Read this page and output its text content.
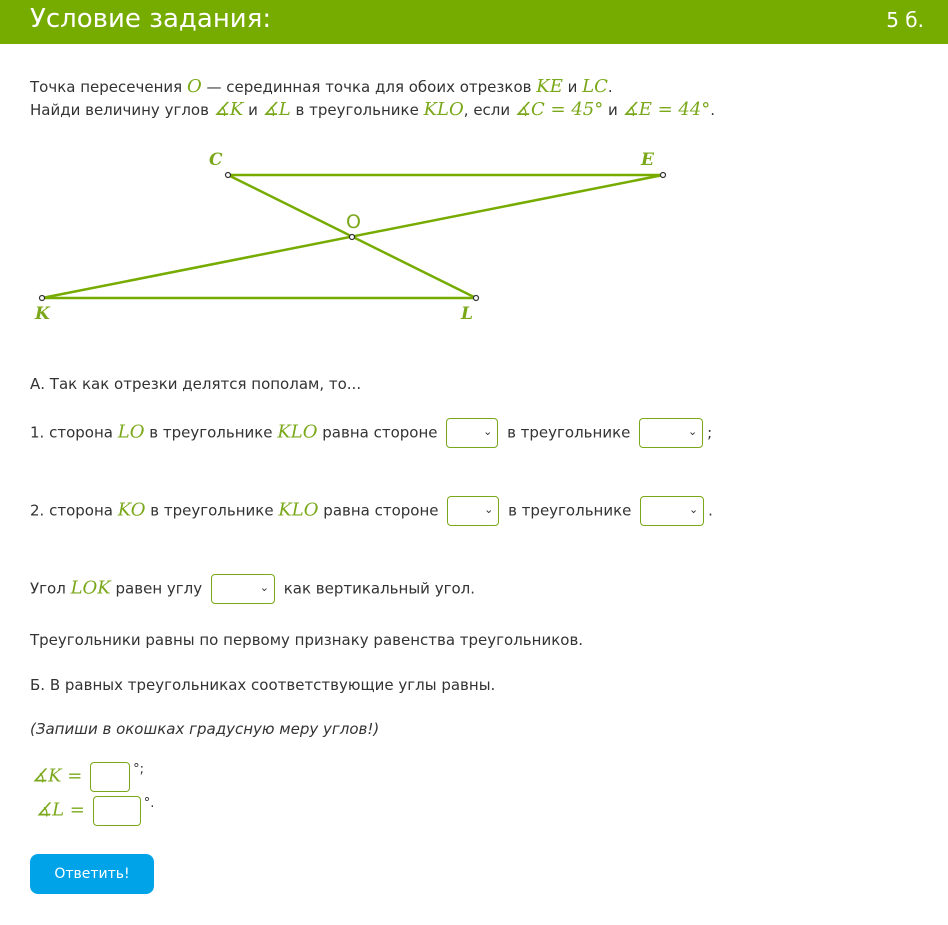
Условие задания:	5 б.
Точка пересечения O — серединная точка для обоих отрезков KE и LC.
Найди величину углов ∡K и ∡L в треугольнике KLO, если ∡C = 45° и ∡E = 44°.
C	E
O
K	L
А. Так как отрезки делятся пополам, то...
1. сторона LO в треугольнике KLO равна стороне	⌄ в треугольнике	⌄ ;
2. сторона KO в треугольнике KLO равна стороне	⌄ в треугольнике	⌄ .
Угол LOK равен углу	⌄ как вертикальный угол.
Треугольники равны по первому признаку равенства треугольников.
Б. В равных треугольниках соответствующие углы равны.
(Запиши в окошках градусную меру углов!)
∡K =	°;
∡L =	°.
Ответить!
